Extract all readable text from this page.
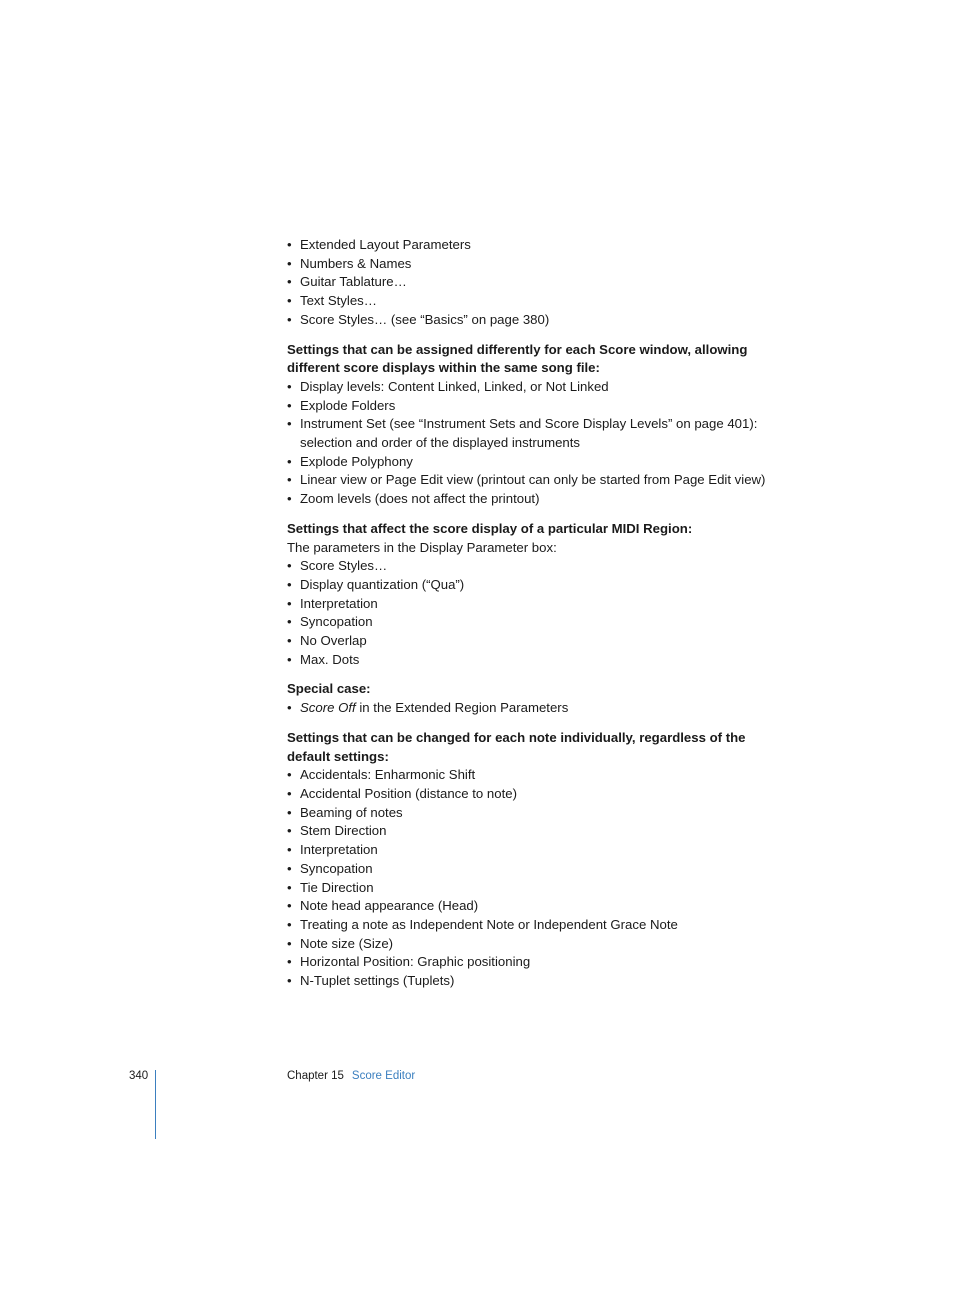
• Extended Layout Parameters
• Numbers & Names
• Guitar Tablature…
• Text Styles…
• Score Styles… (see “Basics” on page 380)

Settings that can be assigned differently for each Score window, allowing different score displays within the same song file:

• Display levels: Content Linked, Linked, or Not Linked
• Explode Folders
• Instrument Set (see “Instrument Sets and Score Display Levels” on page 401): selection and order of the displayed instruments
• Explode Polyphony
• Linear view or Page Edit view (printout can only be started from Page Edit view)
• Zoom levels (does not affect the printout)

Settings that affect the score display of a particular MIDI Region:

The parameters in the Display Parameter box:

• Score Styles…
• Display quantization (“Qua”)
• Interpretation
• Syncopation
• No Overlap
• Max. Dots

Special case:

• Score Off in the Extended Region Parameters

Settings that can be changed for each note individually, regardless of the default settings:

• Accidentals: Enharmonic Shift
• Accidental Position (distance to note)
• Beaming of notes
• Stem Direction
• Interpretation
• Syncopation
• Tie Direction
• Note head appearance (Head)
• Treating a note as Independent Note or Independent Grace Note
• Note size (Size)
• Horizontal Position: Graphic positioning
• N-Tuplet settings (Tuplets)
340	Chapter 15 Score Editor
